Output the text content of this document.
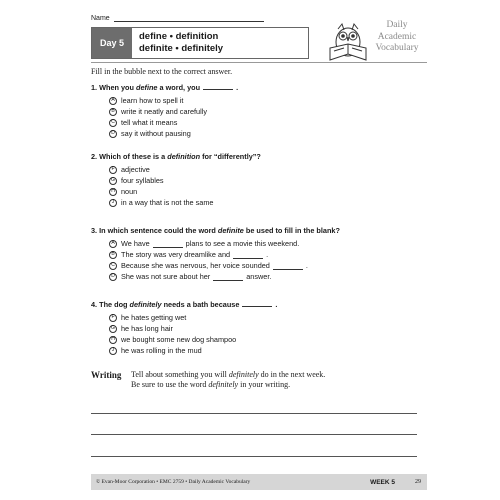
Name
Day 5
define • definition
definite • definitely
Daily
Academic
Vocabulary
Fill in the bubble next to the correct answer.
1. When you define a word, you	.
A learn how to spell it
B write it neatly and carefully
C tell what it means
D say it without pausing
2. Which of these is a definition for “differently”?
F adjective
G four syllables
H noun
J in a way that is not the same
3. In which sentence could the word definite be used to fill in the blank?
A We have	plans to see a movie this weekend.
B The story was very dreamlike and	.
C Because she was nervous, her voice sounded	.
D She was not sure about her	answer.
4. The dog definitely needs a bath because	.
F he hates getting wet
G he has long hair
H we bought some new dog shampoo
J he was rolling in the mud
Writing Tell about something you will definitely do in the next week.
Be sure to use the word definitely in your writing.
© Evan-Moor Corporation • EMC 2759 • Daily Academic Vocabulary	WEEK 5	29
